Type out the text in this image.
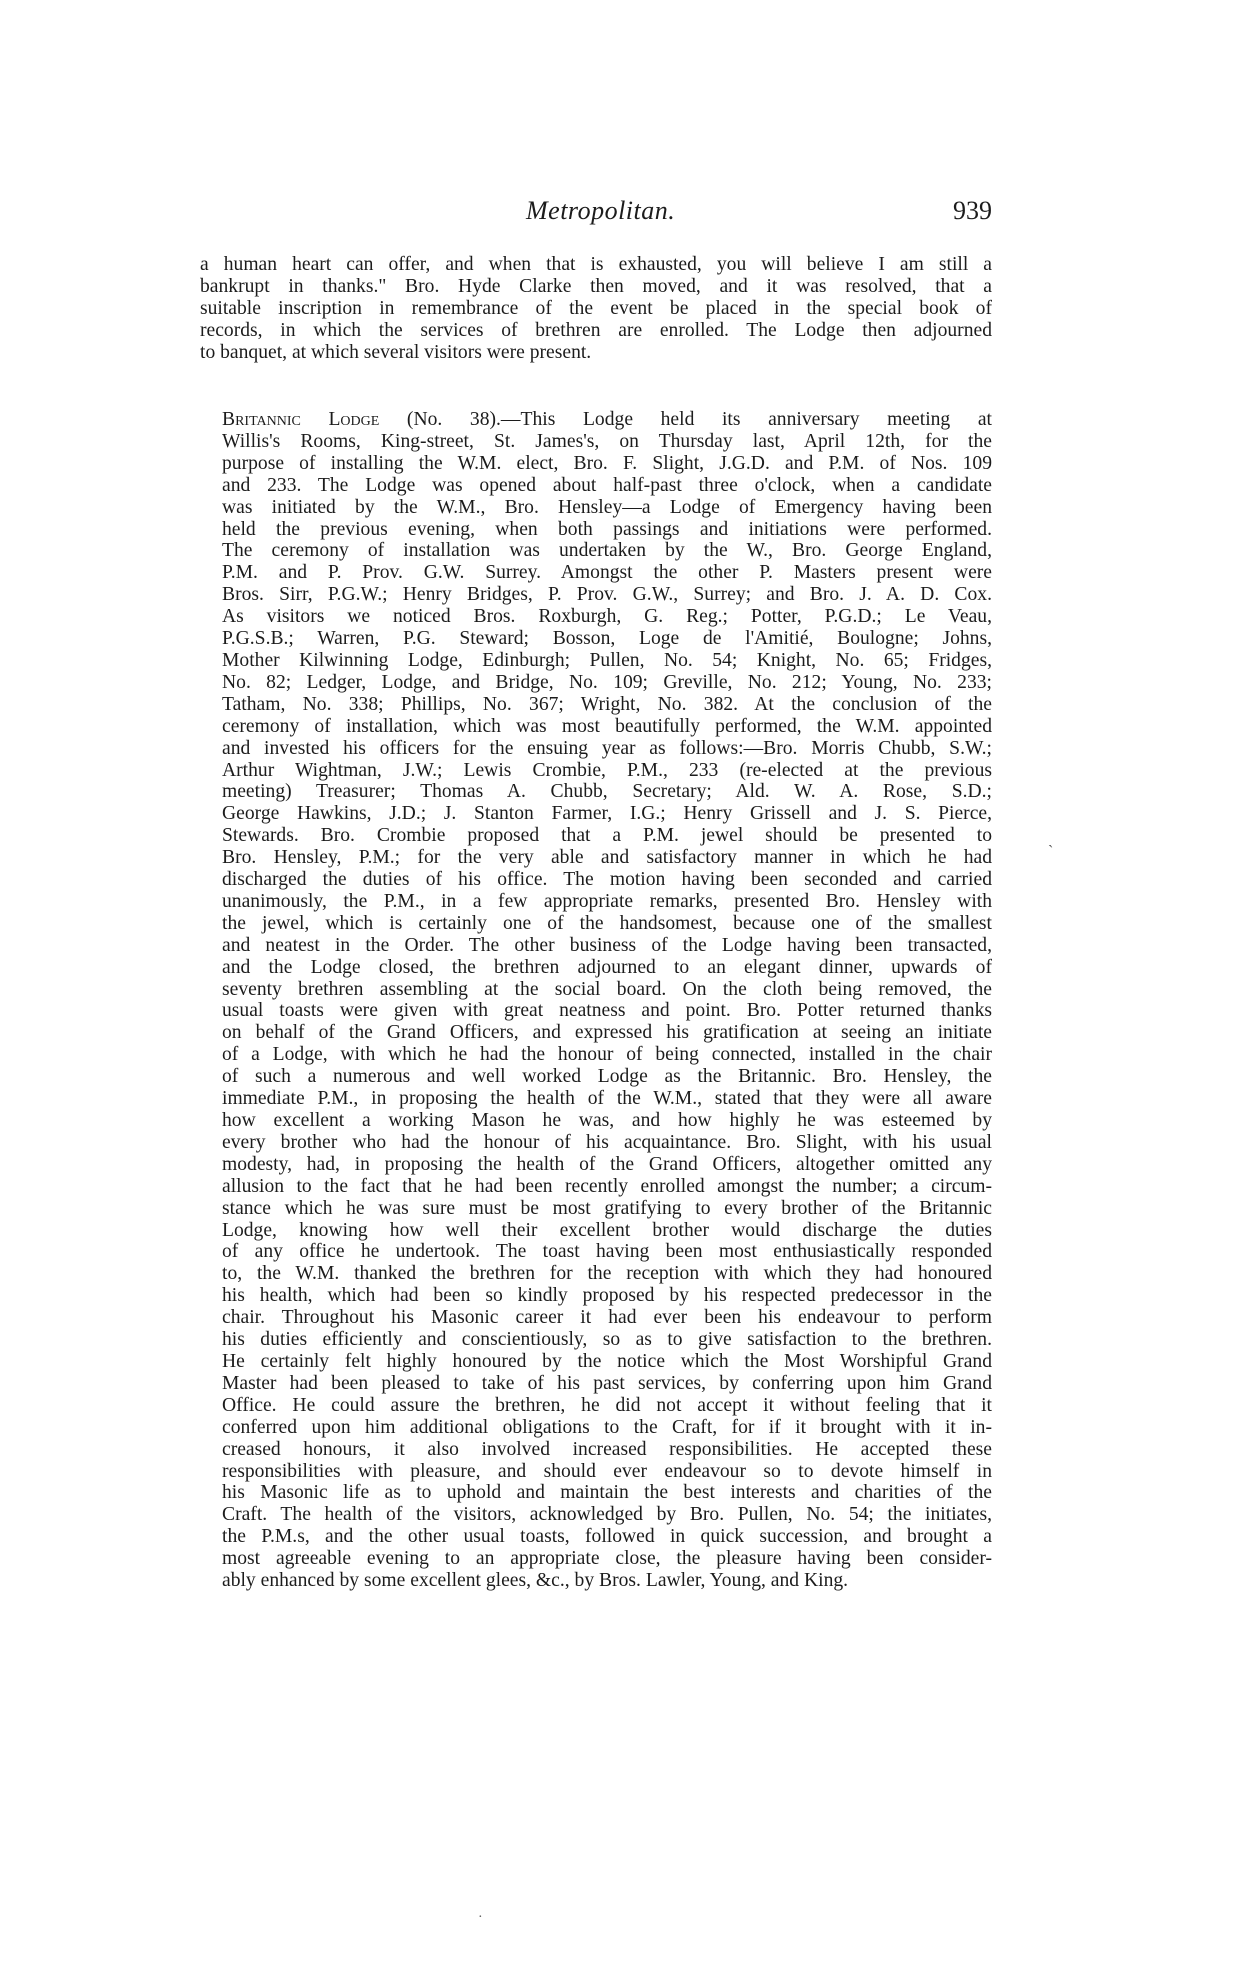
Metropolitan.	939
a human heart can offer, and when that is exhausted, you will believe I am still a
bankrupt in thanks." Bro. Hyde Clarke then moved, and it was resolved, that a
suitable inscription in remembrance of the event be placed in the special book of
records, in which the services of brethren are enrolled. The Lodge then adjourned
to banquet, at which several visitors were present.
Britannic Lodge (No. 38).—This Lodge held its anniversary meeting at
Willis's Rooms, King-street, St. James's, on Thursday last, April 12th, for the
purpose of installing the W.M. elect, Bro. F. Slight, J.G.D. and P.M. of Nos. 109
and 233. The Lodge was opened about half-past three o'clock, when a candidate
was initiated by the W.M., Bro. Hensley—a Lodge of Emergency having been
held the previous evening, when both passings and initiations were performed.
The ceremony of installation was undertaken by the W., Bro. George England,
P.M. and P. Prov. G.W. Surrey. Amongst the other P. Masters present were
Bros. Sirr, P.G.W.; Henry Bridges, P. Prov. G.W., Surrey; and Bro. J. A. D. Cox.
As visitors we noticed Bros. Roxburgh, G. Reg.; Potter, P.G.D.; Le Veau,
P.G.S.B.; Warren, P.G. Steward; Bosson, Loge de l'Amitié, Boulogne; Johns,
Mother Kilwinning Lodge, Edinburgh; Pullen, No. 54; Knight, No. 65; Fridges,
No. 82; Ledger, Lodge, and Bridge, No. 109; Greville, No. 212; Young, No. 233;
Tatham, No. 338; Phillips, No. 367; Wright, No. 382. At the conclusion of the
ceremony of installation, which was most beautifully performed, the W.M. appointed
and invested his officers for the ensuing year as follows:—Bro. Morris Chubb, S.W.;
Arthur Wightman, J.W.; Lewis Crombie, P.M., 233 (re-elected at the previous
meeting) Treasurer; Thomas A. Chubb, Secretary; Ald. W. A. Rose, S.D.;
George Hawkins, J.D.; J. Stanton Farmer, I.G.; Henry Grissell and J. S. Pierce,
Stewards. Bro. Crombie proposed that a P.M. jewel should be presented to
Bro. Hensley, P.M.; for the very able and satisfactory manner in which he had
discharged the duties of his office. The motion having been seconded and carried
unanimously, the P.M., in a few appropriate remarks, presented Bro. Hensley with
the jewel, which is certainly one of the handsomest, because one of the smallest
and neatest in the Order. The other business of the Lodge having been transacted,
and the Lodge closed, the brethren adjourned to an elegant dinner, upwards of
seventy brethren assembling at the social board. On the cloth being removed, the
usual toasts were given with great neatness and point. Bro. Potter returned thanks
on behalf of the Grand Officers, and expressed his gratification at seeing an initiate
of a Lodge, with which he had the honour of being connected, installed in the chair
of such a numerous and well worked Lodge as the Britannic. Bro. Hensley, the
immediate P.M., in proposing the health of the W.M., stated that they were all aware
how excellent a working Mason he was, and how highly he was esteemed by
every brother who had the honour of his acquaintance. Bro. Slight, with his usual
modesty, had, in proposing the health of the Grand Officers, altogether omitted any
allusion to the fact that he had been recently enrolled amongst the number; a circum-
stance which he was sure must be most gratifying to every brother of the Britannic
Lodge, knowing how well their excellent brother would discharge the duties
of any office he undertook. The toast having been most enthusiastically responded
to, the W.M. thanked the brethren for the reception with which they had honoured
his health, which had been so kindly proposed by his respected predecessor in the
chair. Throughout his Masonic career it had ever been his endeavour to perform
his duties efficiently and conscientiously, so as to give satisfaction to the brethren.
He certainly felt highly honoured by the notice which the Most Worshipful Grand
Master had been pleased to take of his past services, by conferring upon him Grand
Office. He could assure the brethren, he did not accept it without feeling that it
conferred upon him additional obligations to the Craft, for if it brought with it in-
creased honours, it also involved increased responsibilities. He accepted these
responsibilities with pleasure, and should ever endeavour so to devote himself in
his Masonic life as to uphold and maintain the best interests and charities of the
Craft. The health of the visitors, acknowledged by Bro. Pullen, No. 54; the initiates,
the P.M.s, and the other usual toasts, followed in quick succession, and brought a
most agreeable evening to an appropriate close, the pleasure having been consider-
ably enhanced by some excellent glees, &c., by Bros. Lawler, Young, and King.
ˋ
·
